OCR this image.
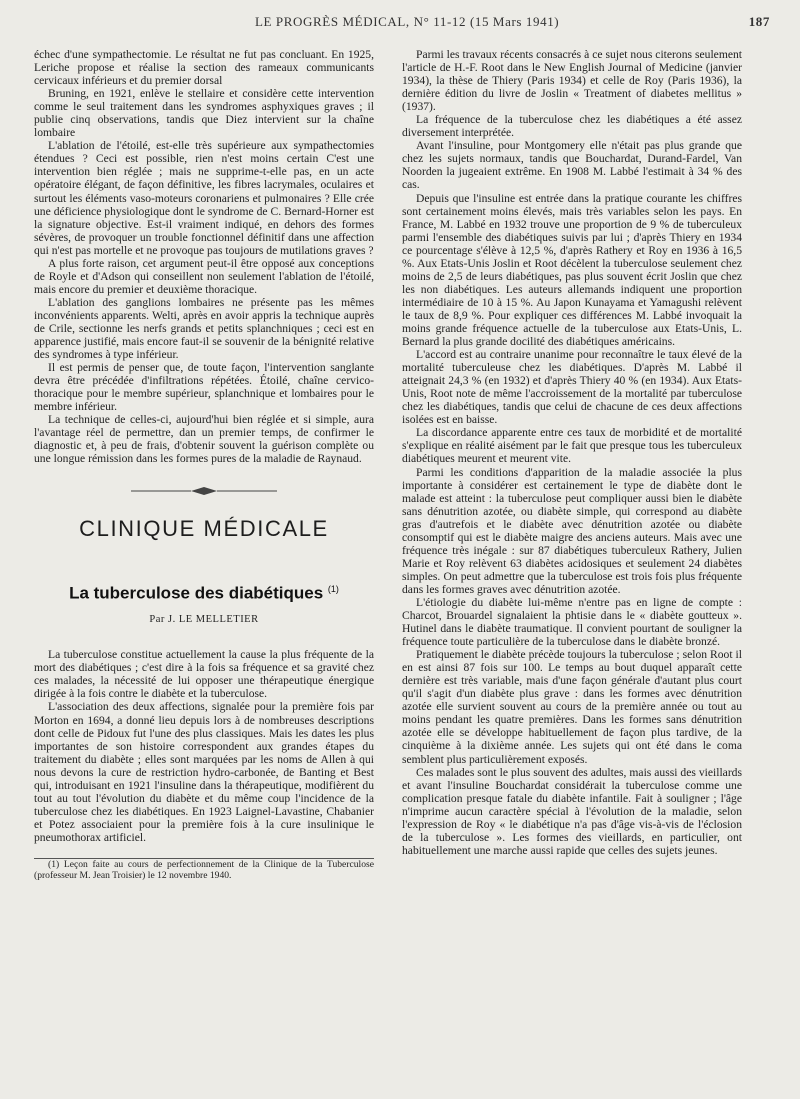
LE PROGRÈS MÉDICAL, N° 11-12 (15 Mars 1941)	187

échec d'une sympathectomie. Le résultat ne fut pas concluant. En 1925, Leriche propose et réalise la section des rameaux communicants cervicaux inférieurs et du premier dorsal

Bruning, en 1921, enlève le stellaire et considère cette intervention comme le seul traitement dans les syndromes asphyxiques graves ; il publie cinq observations, tandis que Diez intervient sur la chaîne lombaire

L'ablation de l'étoilé, est-elle très supérieure aux sympathectomies étendues ? Ceci est possible, rien n'est moins certain C'est une intervention bien réglée ; mais ne supprime-t-elle pas, en un acte opératoire élégant, de façon définitive, les fibres lacrymales, oculaires et surtout les éléments vaso-moteurs coronariens et pulmonaires ? Elle crée une déficience physiologique dont le syndrome de C. Bernard-Horner est la signature objective. Est-il vraiment indiqué, en dehors des formes sévères, de provoquer un trouble fonctionnel définitif dans une affection qui n'est pas mortelle et ne provoque pas toujours de mutilations graves ?

A plus forte raison, cet argument peut-il être opposé aux conceptions de Royle et d'Adson qui conseillent non seulement l'ablation de l'étoilé, mais encore du premier et deuxième thoracique.

L'ablation des ganglions lombaires ne présente pas les mêmes inconvénients apparents. Welti, après en avoir appris la technique auprès de Crile, sectionne les nerfs grands et petits splanchniques ; ceci est en apparence justifié, mais encore faut-il se souvenir de la bénignité relative des syndromes à type inférieur.

Il est permis de penser que, de toute façon, l'intervention sanglante devra être précédée d'infiltrations répétées. Étoilé, chaîne cervico-thoracique pour le membre supérieur, splanchnique et lombaires pour le membre inférieur.

La technique de celles-ci, aujourd'hui bien réglée et si simple, aura l'avantage réel de permettre, dan un premier temps, de confirmer le diagnostic et, à peu de frais, d'obtenir souvent la guérison complète ou une longue rémission dans les formes pures de la maladie de Raynaud.

CLINIQUE MÉDICALE
La tuberculose des diabétiques $^{(1)}$
Par J. LE MELLETIER

La tuberculose constitue actuellement la cause la plus fréquente de la mort des diabétiques ; c'est dire à la fois sa fréquence et sa gravité chez ces malades, la nécessité de lui opposer une thérapeutique énergique dirigée à la fois contre le diabète et la tuberculose.

L'association des deux affections, signalée pour la première fois par Morton en 1694, a donné lieu depuis lors à de nombreuses descriptions dont celle de Pidoux fut l'une des plus classiques. Mais les dates les plus importantes de son histoire correspondent aux grandes étapes du traitement du diabète ; elles sont marquées par les noms de Allen à qui nous devons la cure de restriction hydro-carbonée, de Banting et Best qui, introduisant en 1921 l'insuline dans la thérapeutique, modifièrent du tout au tout l'évolution du diabète et du même coup l'incidence de la tuberculose chez les diabétiques. En 1923 Laignel-Lavastine, Chabanier et Potez associaient pour la première fois à la cure insulinique le pneumothorax artificiel.

(1) Leçon faite au cours de perfectionnement de la Clinique de la Tuberculose (professeur M. Jean Troisier) le 12 novembre 1940.

Parmi les travaux récents consacrés à ce sujet nous citerons seulement l'article de H.-F. Root dans le New English Journal of Medicine (janvier 1934), la thèse de Thiery (Paris 1934) et celle de Roy (Paris 1936), la dernière édition du livre de Joslin « Treatment of diabetes mellitus » (1937).

La fréquence de la tuberculose chez les diabétiques a été assez diversement interprétée.

Avant l'insuline, pour Montgomery elle n'était pas plus grande que chez les sujets normaux, tandis que Bouchardat, Durand-Fardel, Van Noorden la jugeaient extrême. En 1908 M. Labbé l'estimait à 34 % des cas.

Depuis que l'insuline est entrée dans la pratique courante les chiffres sont certainement moins élevés, mais très variables selon les pays. En France, M. Labbé en 1932 trouve une proportion de 9 % de tuberculeux parmi l'ensemble des diabétiques suivis par lui ; d'après Thiery en 1934 ce pourcentage s'élève à 12,5 %, d'après Rathery et Roy en 1936 à 16,5 %. Aux Etats-Unis Joslin et Root décèlent la tuberculose seulement chez moins de 2,5 de leurs diabétiques, pas plus souvent écrit Joslin que chez les non diabétiques. Les auteurs allemands indiquent une proportion intermédiaire de 10 à 15 %. Au Japon Kunayama et Yamagushi relèvent le taux de 8,9 %. Pour expliquer ces différences M. Labbé invoquait la moins grande fréquence actuelle de la tuberculose aux Etats-Unis, L. Bernard la plus grande docilité des diabétiques américains.

L'accord est au contraire unanime pour reconnaître le taux élevé de la mortalité tuberculeuse chez les diabétiques. D'après M. Labbé il atteignait 24,3 % (en 1932) et d'après Thiery 40 % (en 1934). Aux Etats-Unis, Root note de même l'accroissement de la mortalité par tuberculose chez les diabétiques, tandis que celui de chacune de ces deux affections isolées est en baisse.

La discordance apparente entre ces taux de morbidité et de mortalité s'explique en réalité aisément par le fait que presque tous les tuberculeux diabétiques meurent et meurent vite.

Parmi les conditions d'apparition de la maladie associée la plus importante à considérer est certainement le type de diabète dont le malade est atteint : la tuberculose peut compliquer aussi bien le diabète sans dénutrition azotée, ou diabète simple, qui correspond au diabète gras d'autrefois et le diabète avec dénutrition azotée ou diabète consomptif qui est le diabète maigre des anciens auteurs. Mais avec une fréquence très inégale : sur 87 diabétiques tuberculeux Rathery, Julien Marie et Roy relèvent 63 diabètes acidosiques et seulement 24 diabètes simples. On peut admettre que la tuberculose est trois fois plus fréquente dans les formes graves avec dénutrition azotée.

L'étiologie du diabète lui-même n'entre pas en ligne de compte : Charcot, Brouardel signalaient la phtisie dans le « diabète goutteux ». Hutinel dans le diabète traumatique. Il convient pourtant de souligner la fréquence toute particulière de la tuberculose dans le diabète bronzé.

Pratiquement le diabète précède toujours la tuberculose ; selon Root il en est ainsi 87 fois sur 100. Le temps au bout duquel apparaît cette dernière est très variable, mais d'une façon générale d'autant plus court qu'il s'agit d'un diabète plus grave : dans les formes avec dénutrition azotée elle survient souvent au cours de la première année ou tout au moins pendant les quatre premières. Dans les formes sans dénutrition azotée elle se développe habituellement de façon plus tardive, de la cinquième à la dixième année. Les sujets qui ont été dans le coma semblent plus particulièrement exposés.

Ces malades sont le plus souvent des adultes, mais aussi des vieillards et avant l'insuline Bouchardat considérait la tuberculose comme une complication presque fatale du diabète infantile. Fait à souligner ; l'âge n'imprime aucun caractère spécial à l'évolution de la maladie, selon l'expression de Roy « le diabétique n'a pas d'âge vis-à-vis de l'éclosion de la tuberculose ». Les formes des vieillards, en particulier, ont habituellement une marche aussi rapide que celles des sujets jeunes.
